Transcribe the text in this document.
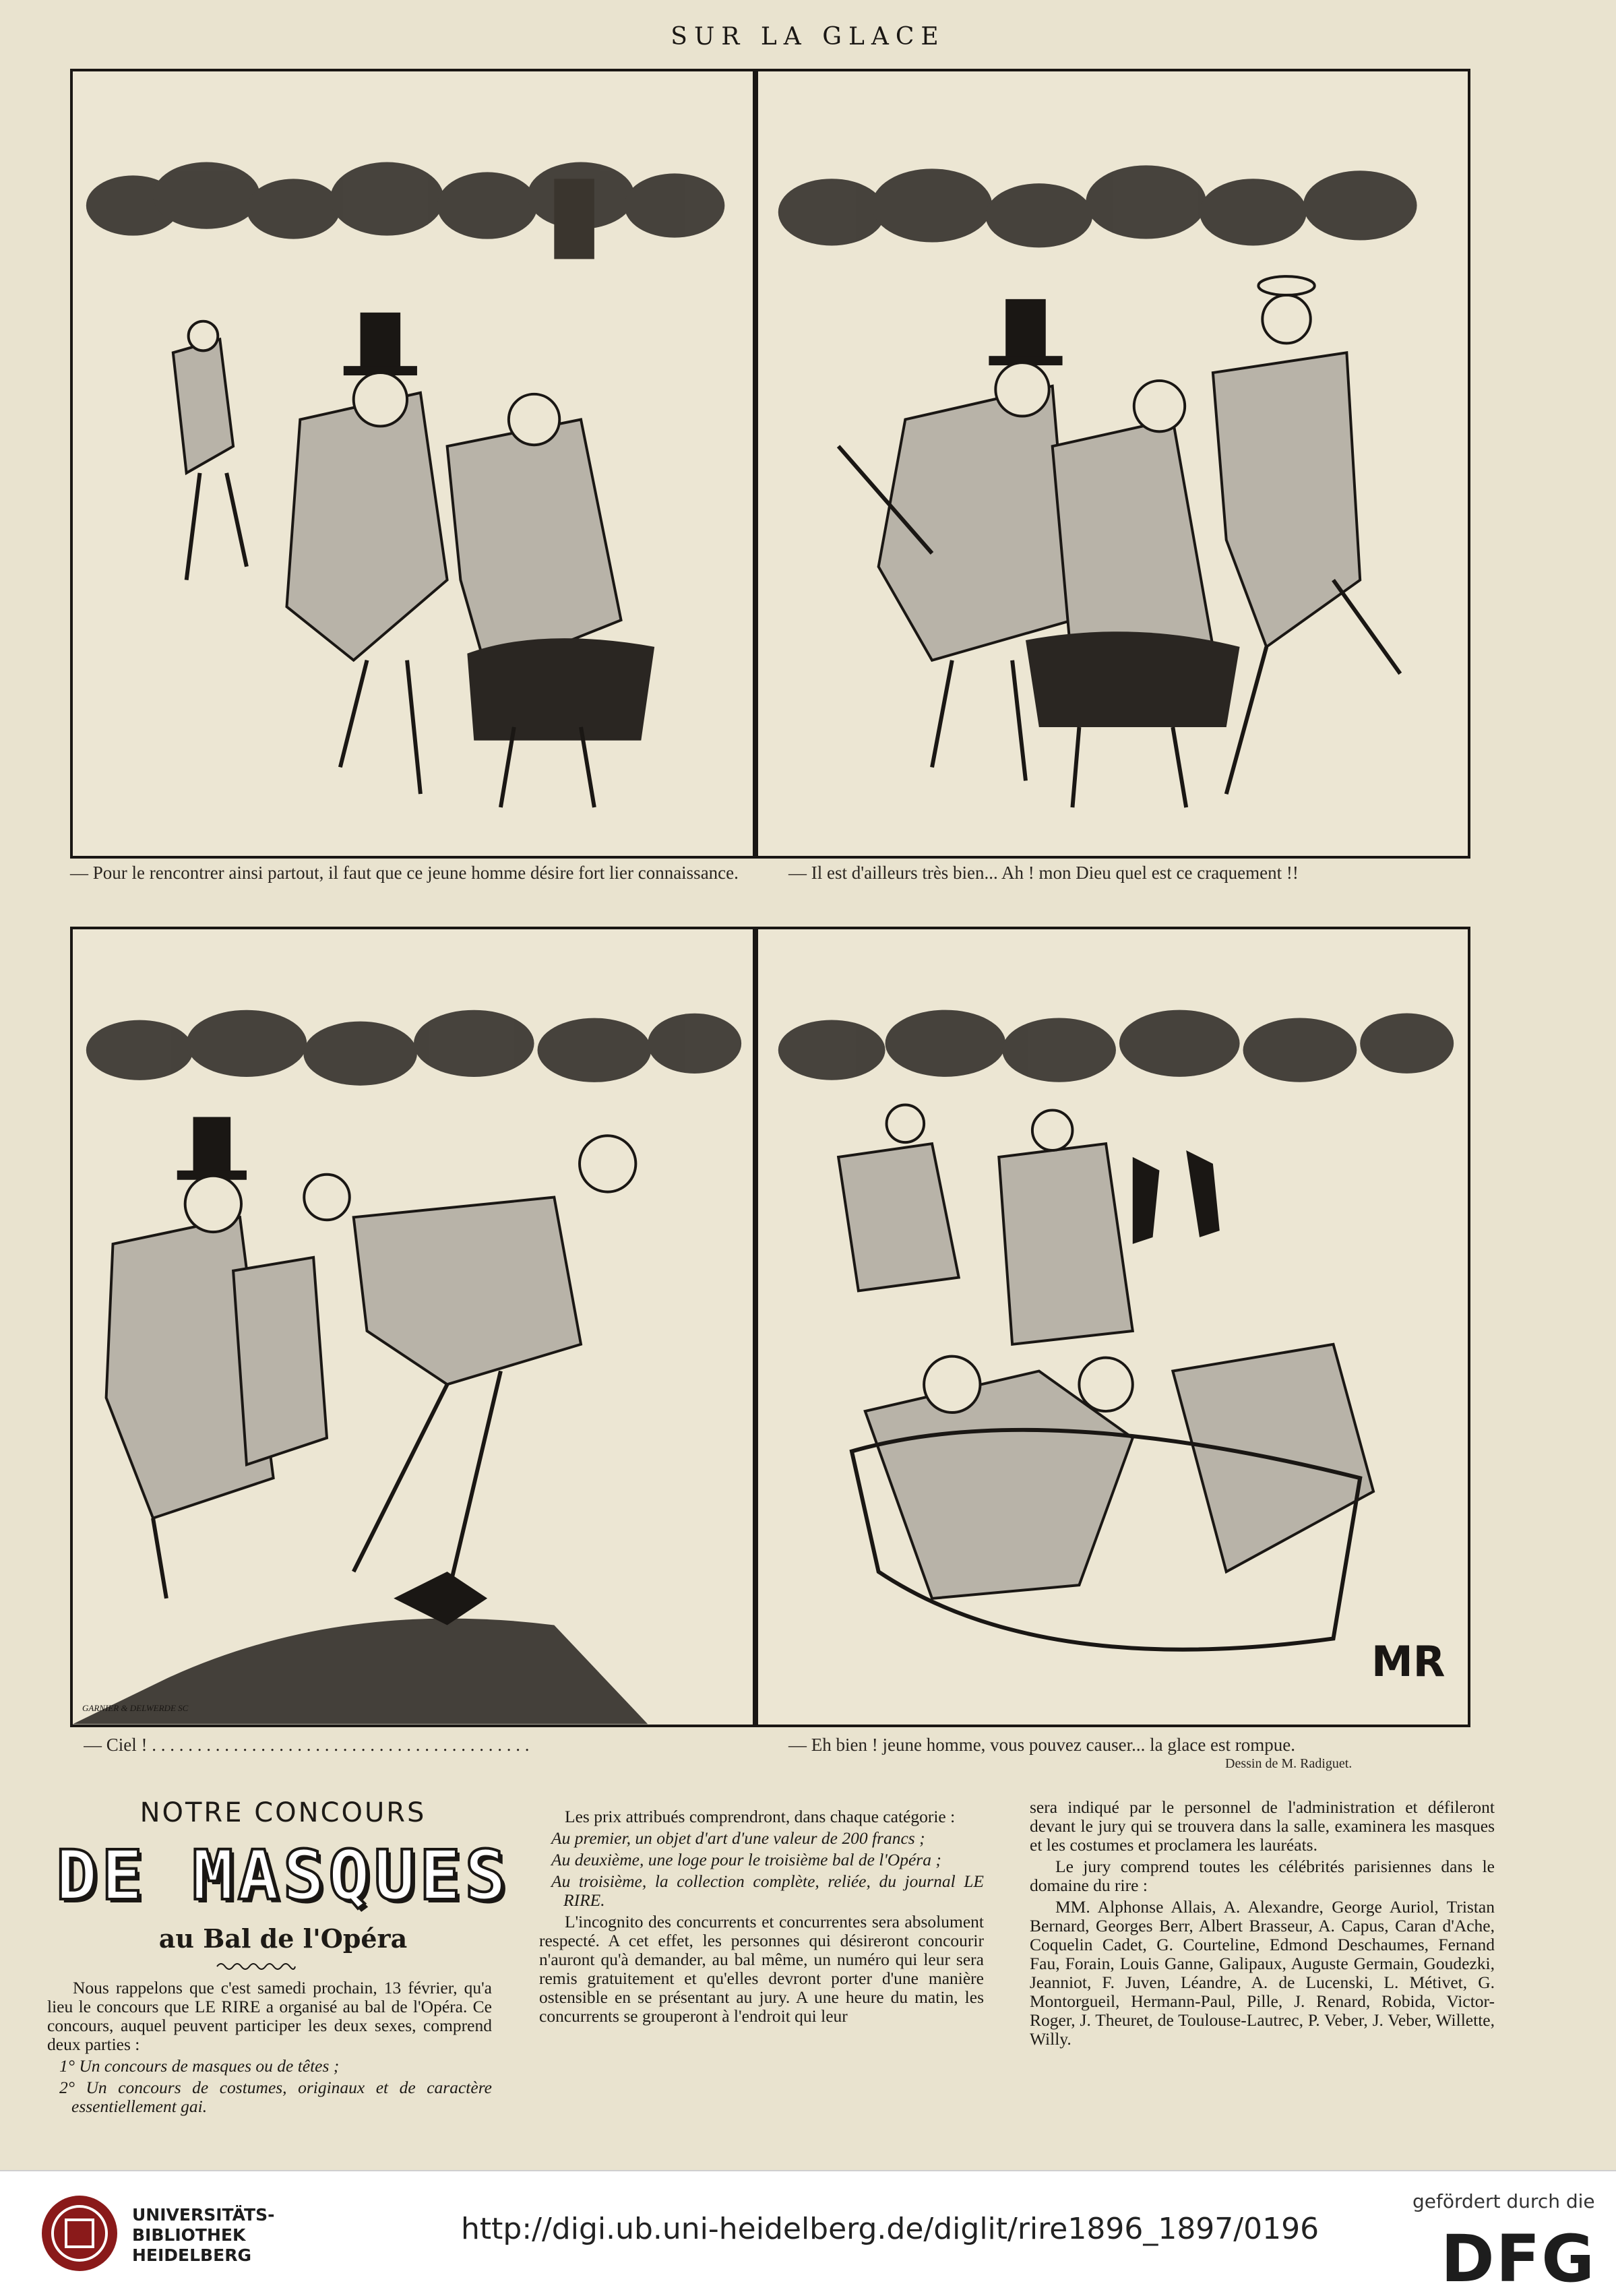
SUR LA GLACE
GARNIER & DELWERDE SC
MR
— Pour le rencontrer ainsi partout, il faut que ce jeune homme désire fort lier connaissance.	— Il est d'ailleurs très bien... Ah ! mon Dieu quel est ce craquement !!
— Ciel ! . . . . . . . . . . . . . . . . . . . . . . . . . . . . . . . . . . . . . . . . . .	— Eh bien ! jeune homme, vous pouvez causer... la glace est rompue.
Dessin de M. Radiguet.
NOTRE CONCOURS
DE MASQUES
au Bal de l'Opéra

Nous rappelons que c'est samedi prochain, 13 février, qu'a lieu le concours que LE RIRE a organisé au bal de l'Opéra. Ce concours, auquel peuvent participer les deux sexes, comprend deux parties :

1° Un concours de masques ou de têtes ;
2° Un concours de costumes, originaux et de caractère essentiellement gai.

Les prix attribués comprendront, dans chaque catégorie :

Au premier, un objet d'art d'une valeur de 200 francs ;
Au deuxième, une loge pour le troisième bal de l'Opéra ;
Au troisième, la collection complète, reliée, du journal LE RIRE.

L'incognito des concurrents et concurrentes sera absolument respecté. A cet effet, les personnes qui désireront concourir n'auront qu'à demander, au bal même, un numéro qui leur sera remis gratuitement et qu'elles devront porter d'une manière ostensible en se présentant au jury. A une heure du matin, les concurrents se grouperont à l'endroit qui leur

sera indiqué par le personnel de l'administration et défileront devant le jury qui se trouvera dans la salle, examinera les masques et les costumes et proclamera les lauréats.

Le jury comprend toutes les célébrités parisiennes dans le domaine du rire :

MM. Alphonse Allais, A. Alexandre, George Auriol, Tristan Bernard, Georges Berr, Albert Brasseur, A. Capus, Caran d'Ache, Coquelin Cadet, G. Courteline, Edmond Deschaumes, Fernand Fau, Forain, Louis Ganne, Galipaux, Auguste Germain, Goudezki, Jeanniot, F. Juven, Léandre, A. de Lucenski, L. Métivet, G. Montorgueil, Hermann-Paul, Pille, J. Renard, Robida, Victor-Roger, J. Theuret, de Toulouse-Lautrec, P. Veber, J. Veber, Willette, Willy.

UNIVERSITÄTS-
BIBLIOTHEK
HEIDELBERG
http://digi.ub.uni-heidelberg.de/diglit/rire1896_1897/0196
gefördert durch die
DFG
